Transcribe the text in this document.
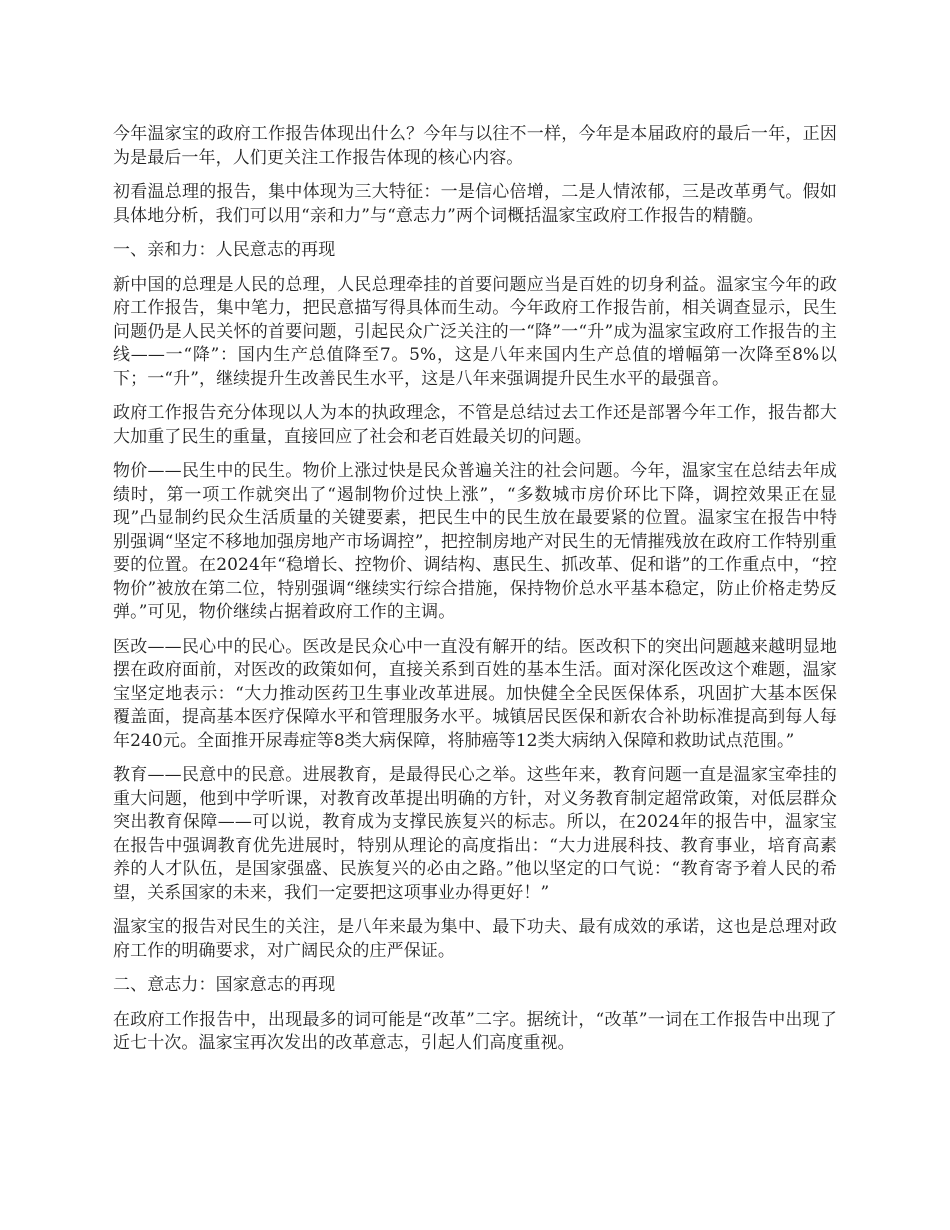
今年温家宝的政府工作报告体现出什么？今年与以往不一样，今年是本届政府的最后一年，正因为是最后一年，人们更关注工作报告体现的核心内容。

初看温总理的报告，集中体现为三大特征：一是信心倍增，二是人情浓郁，三是改革勇气。假如具体地分析，我们可以用“亲和力”与“意志力”两个词概括温家宝政府工作报告的精髓。

一、亲和力：人民意志的再现

新中国的总理是人民的总理，人民总理牵挂的首要问题应当是百姓的切身利益。温家宝今年的政府工作报告，集中笔力，把民意描写得具体而生动。今年政府工作报告前，相关调查显示，民生问题仍是人民关怀的首要问题，引起民众广泛关注的一“降”一“升”成为温家宝政府工作报告的主线——一“降”：国内生产总值降至7。5%，这是八年来国内生产总值的增幅第一次降至8%以下；一“升”，继续提升生改善民生水平，这是八年来强调提升民生水平的最强音。

政府工作报告充分体现以人为本的执政理念，不管是总结过去工作还是部署今年工作，报告都大大加重了民生的重量，直接回应了社会和老百姓最关切的问题。

物价——民生中的民生。物价上涨过快是民众普遍关注的社会问题。今年，温家宝在总结去年成绩时，第一项工作就突出了“遏制物价过快上涨”，“多数城市房价环比下降，调控效果正在显现”凸显制约民众生活质量的关键要素，把民生中的民生放在最要紧的位置。温家宝在报告中特别强调“坚定不移地加强房地产市场调控”，把控制房地产对民生的无情摧残放在政府工作特别重要的位置。在2024年“稳增长、控物价、调结构、惠民生、抓改革、促和谐”的工作重点中，“控物价”被放在第二位，特别强调“继续实行综合措施，保持物价总水平基本稳定，防止价格走势反弹。”可见，物价继续占据着政府工作的主调。

医改——民心中的民心。医改是民众心中一直没有解开的结。医改积下的突出问题越来越明显地摆在政府面前，对医改的政策如何，直接关系到百姓的基本生活。面对深化医改这个难题，温家宝坚定地表示：“大力推动医药卫生事业改革进展。加快健全全民医保体系，巩固扩大基本医保覆盖面，提高基本医疗保障水平和管理服务水平。城镇居民医保和新农合补助标准提高到每人每年240元。全面推开尿毒症等8类大病保障，将肺癌等12类大病纳入保障和救助试点范围。”

教育——民意中的民意。进展教育，是最得民心之举。这些年来，教育问题一直是温家宝牵挂的重大问题，他到中学听课，对教育改革提出明确的方针，对义务教育制定超常政策，对低层群众突出教育保障——可以说，教育成为支撑民族复兴的标志。所以，在2024年的报告中，温家宝在报告中强调教育优先进展时，特别从理论的高度指出：“大力进展科技、教育事业，培育高素养的人才队伍，是国家强盛、民族复兴的必由之路。”他以坚定的口气说：“教育寄予着人民的希望，关系国家的未来，我们一定要把这项事业办得更好！”

温家宝的报告对民生的关注，是八年来最为集中、最下功夫、最有成效的承诺，这也是总理对政府工作的明确要求，对广阔民众的庄严保证。

二、意志力：国家意志的再现

在政府工作报告中，出现最多的词可能是“改革”二字。据统计，“改革”一词在工作报告中出现了近七十次。温家宝再次发出的改革意志，引起人们高度重视。
